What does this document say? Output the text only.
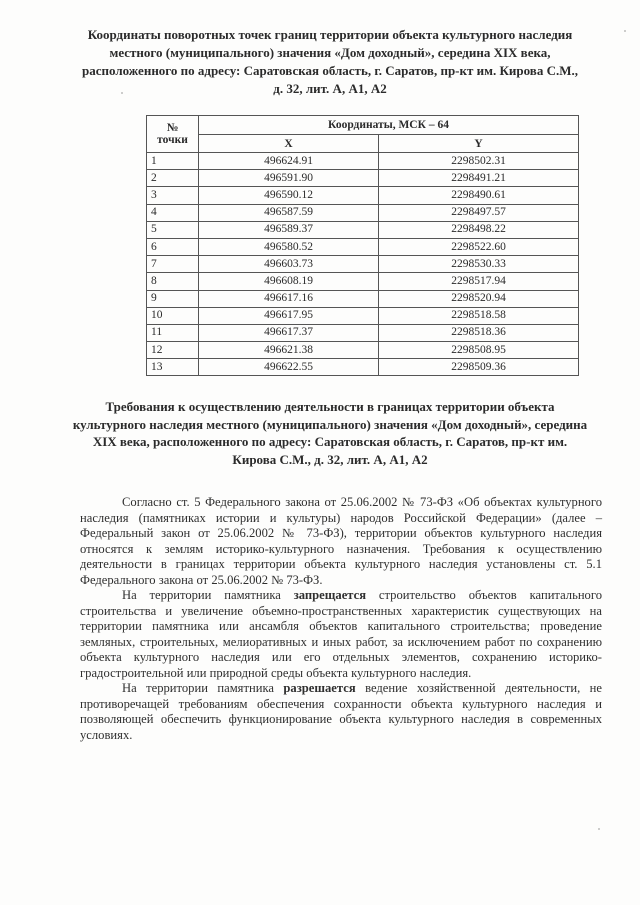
Координаты поворотных точек границ территории объекта культурного наследия местного (муниципального) значения «Дом доходный», середина XIX века, расположенного по адресу: Саратовская область, г. Саратов, пр-кт им. Кирова С.М., д. 32, лит. А, А1, А2
№
точки	Координаты, МСК – 64	
	X	Y
1	496624.91	2298502.31
2	496591.90	2298491.21
3	496590.12	2298490.61
4	496587.59	2298497.57
5	496589.37	2298498.22
6	496580.52	2298522.60
7	496603.73	2298530.33
8	496608.19	2298517.94
9	496617.16	2298520.94
10	496617.95	2298518.58
11	496617.37	2298518.36
12	496621.38	2298508.95
13	496622.55	2298509.36
Требования к осуществлению деятельности в границах территории объекта культурного наследия местного (муниципального) значения «Дом доходный», середина XIX века, расположенного по адресу: Саратовская область, г. Саратов, пр-кт им. Кирова С.М., д. 32, лит. А, А1, А2

Согласно ст. 5 Федерального закона от 25.06.2002 № 73-ФЗ «Об объектах культурного наследия (памятниках истории и культуры) народов Российской Федерации» (далее – Федеральный закон от 25.06.2002 № 73-ФЗ), территории объектов культурного наследия относятся к землям историко-культурного назначения. Требования к осуществлению деятельности в границах территории объекта культурного наследия установлены ст. 5.1 Федерального закона от 25.06.2002 № 73-ФЗ.

На территории памятника запрещается строительство объектов капитального строительства и увеличение объемно-пространственных характеристик существующих на территории памятника или ансамбля объектов капитального строительства; проведение земляных, строительных, мелиоративных и иных работ, за исключением работ по сохранению объекта культурного наследия или его отдельных элементов, сохранению историко-градостроительной или природной среды объекта культурного наследия.

На территории памятника разрешается ведение хозяйственной деятельности, не противоречащей требованиям обеспечения сохранности объекта культурного наследия и позволяющей обеспечить функционирование объекта культурного наследия в современных условиях.
